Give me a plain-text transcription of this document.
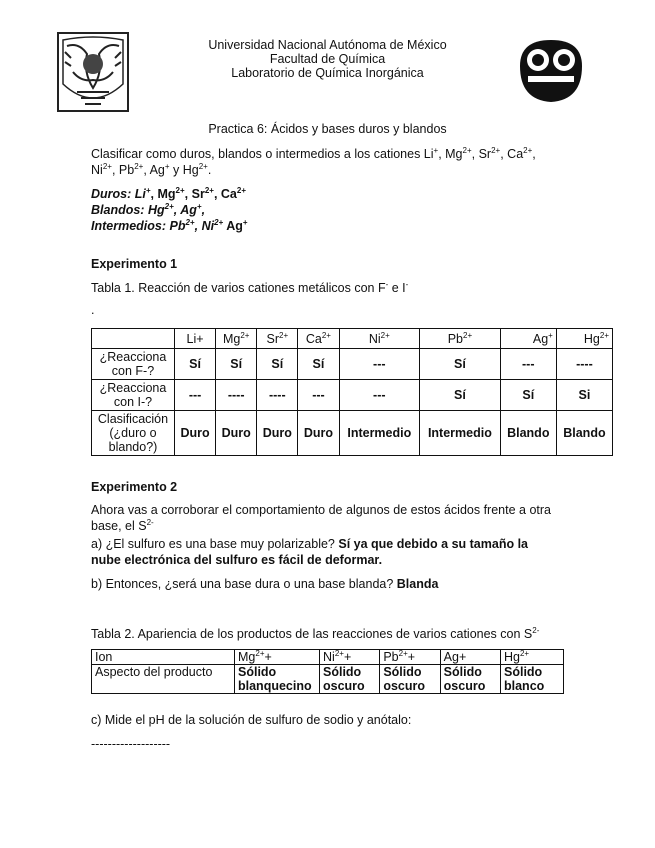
Universidad Nacional Autónoma de México
Facultad de Química
Laboratorio de Química Inorgánica
Practica 6: Ácidos y bases duros y blandos
Clasificar como duros, blandos o intermedios a los cationes Li+, $Mg^{2+}$, $Sr^{2+}$, $Ca^{2+}$,
$Ni^{2+}$, $Pb^{2+}$, Ag+ y $Hg^{2+}$.
Duros: Li+, $Mg^{2+}$, $Sr^{2+}$, $Ca^{2+}$
Blandos: $Hg^{2+}$, Ag+,
Intermedios: $Pb^{2+}$, $Ni^{2+}$ Ag+
Experimento 1
Tabla 1. Reacción de varios cationes metálicos con F- e I-
.
	Li+	$Mg^{2+}$	$Sr^{2+}$	$Ca^{2+}$	$Ni^{2+}$	$Pb^{2+}$	Ag+	$Hg^{2+}$
¿Reacciona con F-?	Sí	Sí	Sí	Sí	---	Sí	---	----
¿Reacciona con I-?	---	----	----	---	---	Sí	Sí	Si
Clasificación (¿duro o blando?)	Duro	Duro	Duro	Duro	Intermedio	Intermedio	Blando	Blando
Experimento 2
Ahora vas a corroborar el comportamiento de algunos de estos ácidos frente a otra base, el $S^{2-}$
a) ¿El sulfuro es una base muy polarizable? Sí ya que debido a su tamaño la nube electrónica del sulfuro es fácil de deformar.
b) Entonces, ¿será una base dura o una base blanda? Blanda
Tabla 2. Apariencia de los productos de las reacciones de varios cationes con $S^{2-}$
Ion	$Mg^{2+}+$	$Ni^{2+}+$	$Pb^{2+}+$	Ag+	$Hg^{2+}$
Aspecto del producto	Sólido blanquecino	Sólido oscuro	Sólido oscuro	Sólido oscuro	Sólido blanco
c) Mide el pH de la solución de sulfuro de sodio y anótalo:
-------------------
